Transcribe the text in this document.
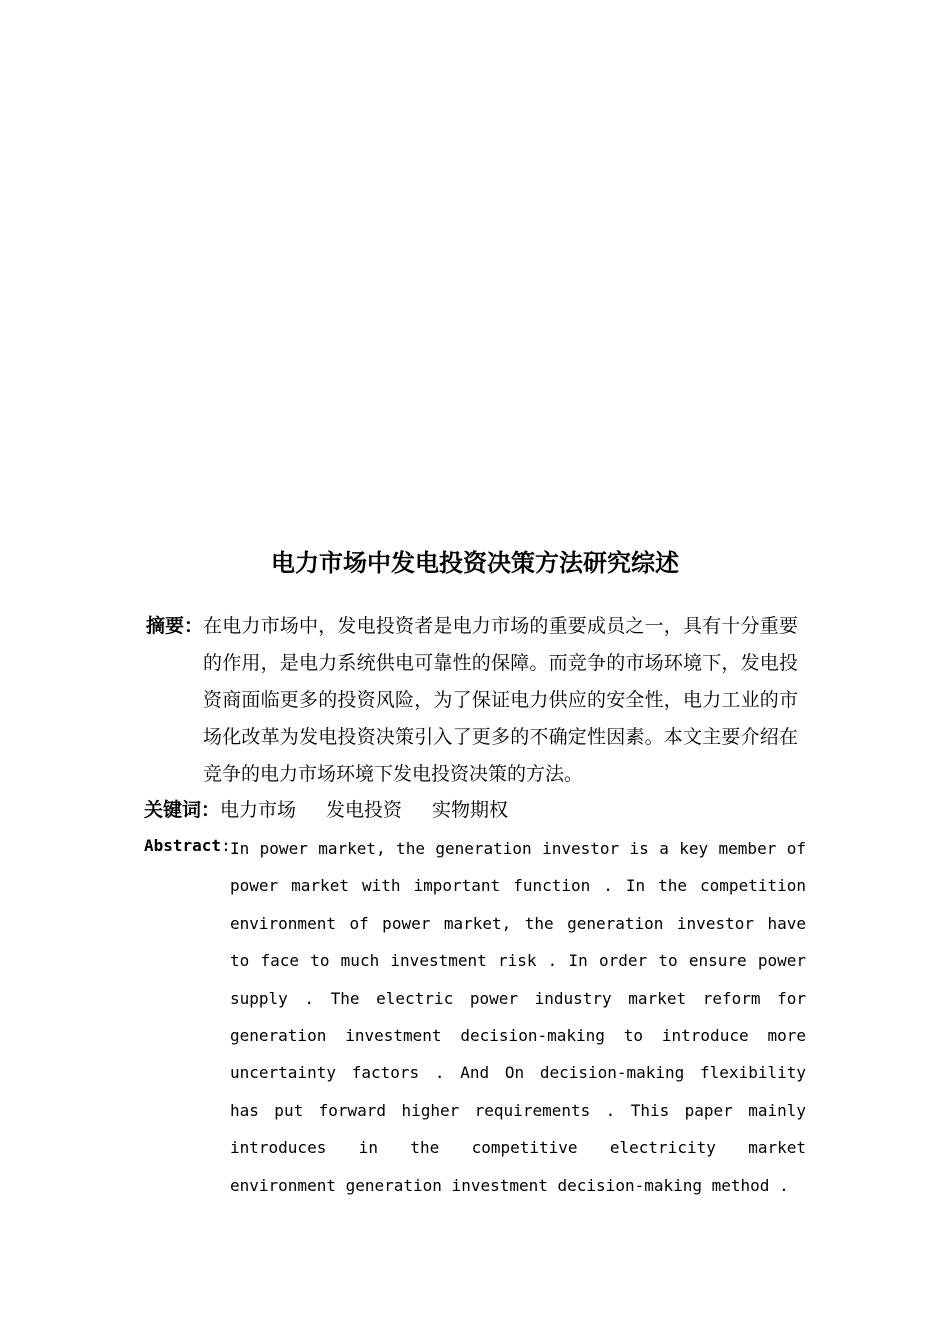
电力市场中发电投资决策方法研究综述
摘要： 在电力市场中，发电投资者是电力市场的重要成员之一，具有十分重要的作用，是电力系统供电可靠性的保障。而竞争的市场环境下，发电投资商面临更多的投资风险，为了保证电力供应的安全性，电力工业的市场化改革为发电投资决策引入了更多的不确定性因素。本文主要介绍在竞争的电力市场环境下发电投资决策的方法。
关键词：电力市场 发电投资 实物期权
Abstract: In power market, the generation investor is a key member of power market with important function . In the competition environment of power market, the generation investor have to face to much investment risk . In order to ensure power supply . The electric power industry market reform for generation investment decision-making to introduce more uncertainty factors . And On decision-making flexibility has put forward higher requirements . This paper mainly introduces in the competitive electricity market environment generation investment decision-making method .
